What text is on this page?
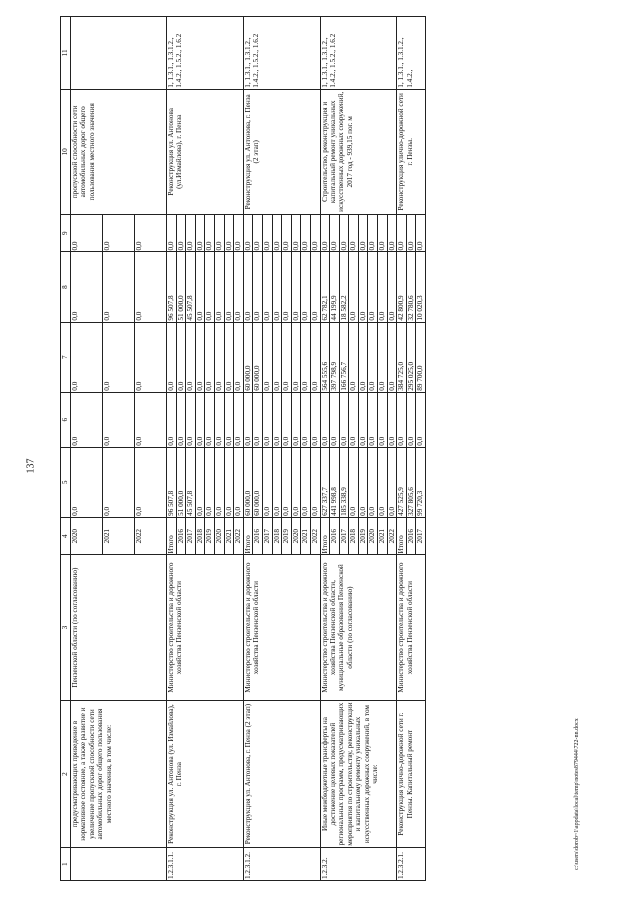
137
1	2	3	4	5	6	7	8	9	10	11
	предусматривающих приведение в нормативное состояние, а также развитие и увеличение пропускной способности сети автомобильных дорог общего пользования местного значения, в том числе:	Пензенской области (по согласованию)	2020	0,0	0,0	0,0	0,0	0,0	пропускной способности сети автомобильных дорог общего пользования местного значения	
			2021	0,0	0,0	0,0	0,0	0,0		
			2022	0,0	0,0	0,0	0,0	0,0		
1.2.3.1.1.	Реконструкция ул. Антонова (ул. Измайлова), г. Пенза	Министерство строительства и дорожного хозяйства Пензенской области	Итого	96 507,8	0,0	0,0	96 507,8	0,0	Реконструкция ул. Антонова (ул.Измайлова), г. Пенза	1, 1.3.1., 1.3.1.2., 1.4.2., 1.5.2., 1.6.2
			2016	51 000,0	0,0	0,0	51 000,0	0,0		
			2017	45 507,8	0,0	0,0	45 507,8	0,0		
			2018	0,0	0,0	0,0	0,0	0,0		
			2019	0,0	0,0	0,0	0,0	0,0		
			2020	0,0	0,0	0,0	0,0	0,0		
			2021	0,0	0,0	0,0	0,0	0,0		
			2022	0,0	0,0	0,0	0,0	0,0		
1.2.3.1.2.	Реконструкция ул. Антонова, г. Пенза (2 этап)	Министерство строительства и дорожного хозяйства Пензенской области	Итого	60 000,0	0,0	60 000,0	0,0	0,0	Реконструкция ул. Антонова, г. Пенза (2 этап)	1, 1.3.1., 1.3.1.2., 1.4.2., 1.5.2., 1.6.2
			2016	60 000,0	0,0	60 000,0	0,0	0,0		
			2017	0,0	0,0	0,0	0,0	0,0		
			2018	0,0	0,0	0,0	0,0	0,0		
			2019	0,0	0,0	0,0	0,0	0,0		
			2020	0,0	0,0	0,0	0,0	0,0		
			2021	0,0	0,0	0,0	0,0	0,0		
			2022	0,0	0,0	0,0	0,0	0,0		
1.2.3.2.	Иные межбюджетные трансферты на достижение целевых показателей региональных программ, предусматривающих мероприятия по строительству, реконструкции и капитальному ремонту уникальных искусственных дорожных сооружений, в том числе:	Министерство строительства и дорожного хозяйства Пензенской области, муниципальные образования Пензенской области (по согласованию)	Итого	627 337,7	0,0	564 555,6	62 782,1	0,0	Строительство, реконструкция и капитальный ремонт уникальных искусственных дорожных сооружений, 2017 год - 939,15 пог. м	1, 1.3.1., 1.3.1.2., 1.4.2., 1.5.2., 1.6.2
			2016	441 998,8	0,0	397 798,9	44 199,9	0,0		
			2017	185 338,9	0,0	166 756,7	18 582,2	0,0		
			2018	0,0	0,0	0,0	0,0	0,0		
			2019	0,0	0,0	0,0	0,0	0,0		
			2020	0,0	0,0	0,0	0,0	0,0		
			2021	0,0	0,0	0,0	0,0	0,0		
			2022	0,0	0,0	0,0	0,0	0,0		
1.2.3.2.1.	Реконструкция улично-дорожной сети г. Пензы. Капитальный ремонт	Министерство строительства и дорожного хозяйства Пензенской области	Итого	427 525,9	0,0	384 725,0	42 800,9	0,0	Реконструкция улично-дорожной сети г. Пензы.	1, 1.3.1., 1.3.1.2., 1.4.2.,
			2016	327 805,6	0,0	295 025,0	32 780,6	0,0		
			2017	99 720,3	0,0	89 700,0	10 020,3	0,0		
c:\users\dorob~1\appdata\local\temp\notes879444\722-nn.docx
